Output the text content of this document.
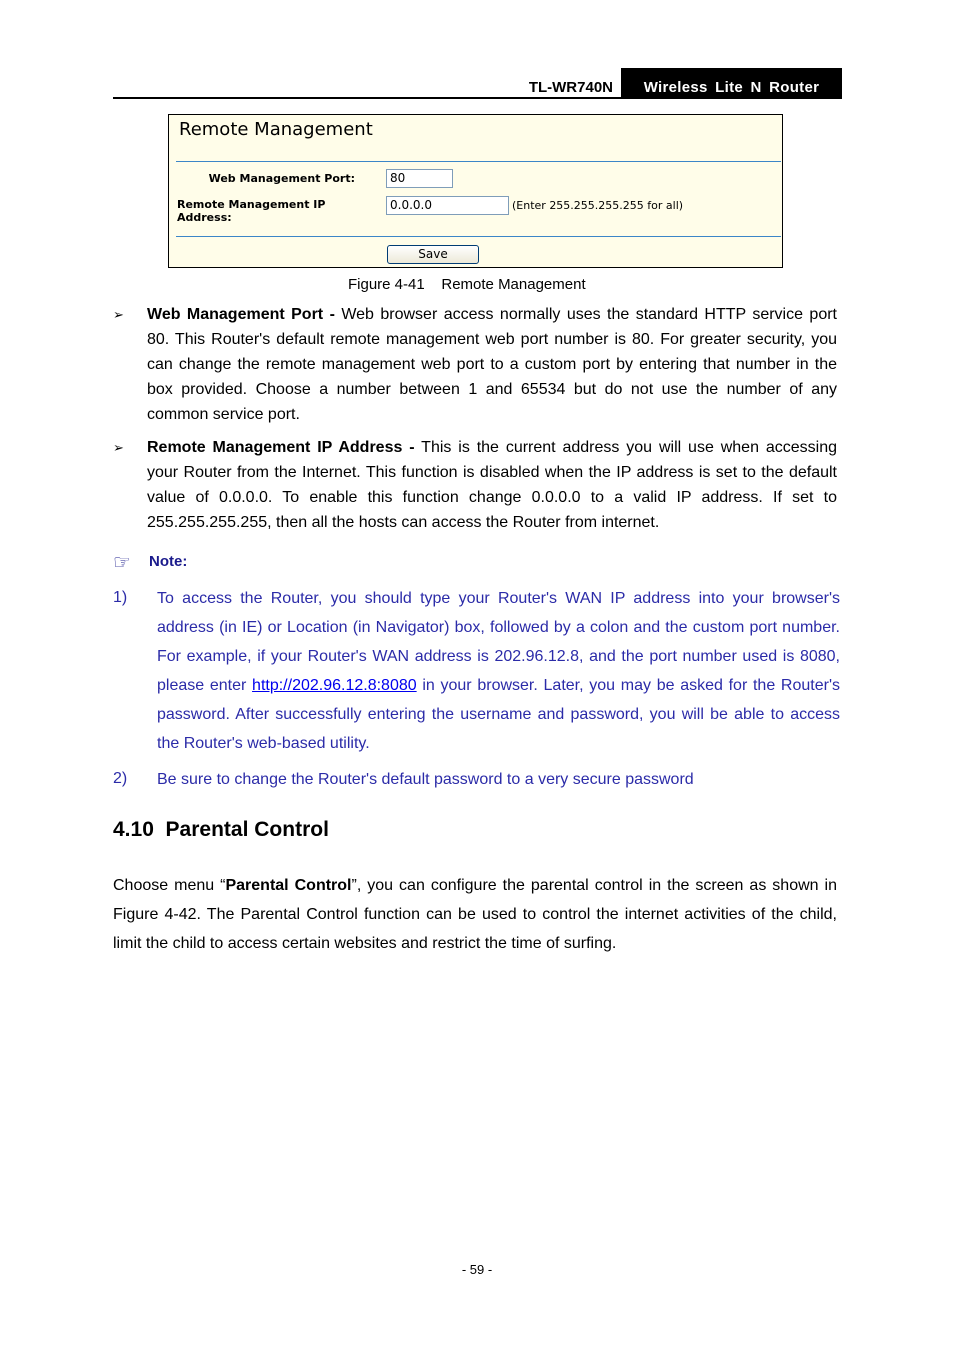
TL-WR740N	Wireless Lite N Router
Remote Management
Web Management Port:	80
Remote Management IP Address:
0.0.0.0	(Enter 255.255.255.255 for all)
Save
Figure 4-41    Remote Management
➢ Web Management Port - Web browser access normally uses the standard HTTP service port 80. This Router's default remote management web port number is 80. For greater security, you can change the remote management web port to a custom port by entering that number in the box provided. Choose a number between 1 and 65534 but do not use the number of any common service port.
➢ Remote Management IP Address - This is the current address you will use when accessing your Router from the Internet. This function is disabled when the IP address is set to the default value of 0.0.0.0. To enable this function change 0.0.0.0 to a valid IP address. If set to 255.255.255.255, then all the hosts can access the Router from internet.
☞ Note:
1) To access the Router, you should type your Router's WAN IP address into your browser's address (in IE) or Location (in Navigator) box, followed by a colon and the custom port number. For example, if your Router's WAN address is 202.96.12.8, and the port number used is 8080, please enter http://202.96.12.8:8080 in your browser. Later, you may be asked for the Router's password. After successfully entering the username and password, you will be able to access the Router's web-based utility.
2) Be sure to change the Router's default password to a very secure password
4.10 Parental Control
Choose menu “Parental Control”, you can configure the parental control in the screen as shown in Figure 4-42. The Parental Control function can be used to control the internet activities of the child, limit the child to access certain websites and restrict the time of surfing.
- 59 -
